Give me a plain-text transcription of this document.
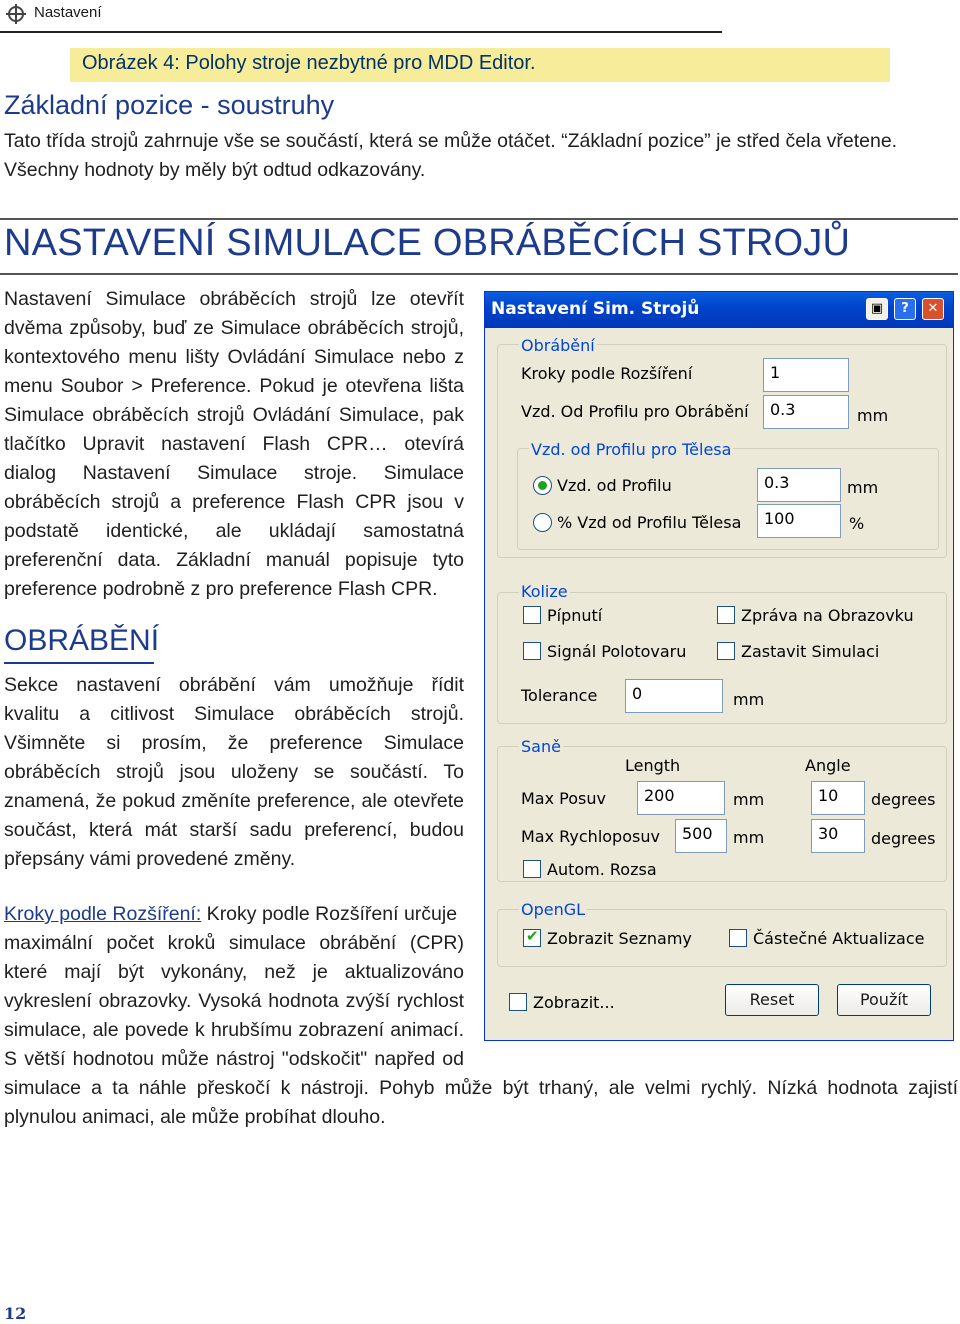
Nastavení
Obrázek 4: Polohy stroje nezbytné pro MDD Editor.
Základní pozice - soustruhy
Tato třída strojů zahrnuje vše se součástí, která se může otáčet. “Základní pozice” je střed čela vřetene.
Všechny hodnoty by měly být odtud odkazovány.
NASTAVENÍ SIMULACE OBRÁBĚCÍCH STROJŮ
Nastavení Simulace obráběcích strojů lze otevřít
dvěma způsoby, buď ze Simulace obráběcích strojů,
kontextového menu lišty Ovládání Simulace nebo z
menu Soubor > Preference. Pokud je otevřena lišta
Simulace obráběcích strojů Ovládání Simulace, pak
tlačítko Upravit nastavení Flash CPR… otevírá
dialog Nastavení Simulace stroje. Simulace
obráběcích strojů a preference Flash CPR jsou v
podstatě identické, ale ukládají samostatná
preferenční data. Základní manuál popisuje tyto
preference podrobně z pro preference Flash CPR.
OBRÁBĚNÍ
Sekce nastavení obrábění vám umožňuje řídit
kvalitu a citlivost Simulace obráběcích strojů.
Všimněte si prosím, že preference Simulace
obráběcích strojů jsou uloženy se součástí. To
znamená, že pokud změníte preference, ale otevřete
součást, která mát starší sadu preferencí, budou
přepsány vámi provedené změny.
Kroky podle Rozšíření: Kroky podle Rozšíření určuje
maximální počet kroků simulace obrábění (CPR)
které mají být vykonány, než je aktualizováno
vykreslení obrazovky. Vysoká hodnota zvýší rychlost
simulace, ale povede k hrubšímu zobrazení animací.
S větší hodnotou může nástroj "odskočit" napřed od
simulace a ta náhle přeskočí k nástroji. Pohyb může být trhaný, ale velmi rychlý. Nízká hodnota zajistí
plynulou animaci, ale může probíhat dlouho.
12
Nastavení Sim. Strojů	▣	?	✕
Obrábění
Kroky podle Rozšíření	1
Vzd. Od Profilu pro Obrábění	0.3	mm
Vzd. od Profilu pro Tělesa
Vzd. od Profilu	0.3	mm
% Vzd od Profilu Tělesa	100	%
Kolize
Pípnutí	Zpráva na Obrazovku
Signál Polotovaru	Zastavit Simulaci
Tolerance	0	mm
Saně
Length	Angle
Max Posuv	200	mm	10	degrees
Max Rychloposuv	500	mm	30	degrees
Autom. Rozsa
OpenGL
✔
Zobrazit Seznamy	Částečné Aktualizace
Zobrazit...	Reset	Použít
